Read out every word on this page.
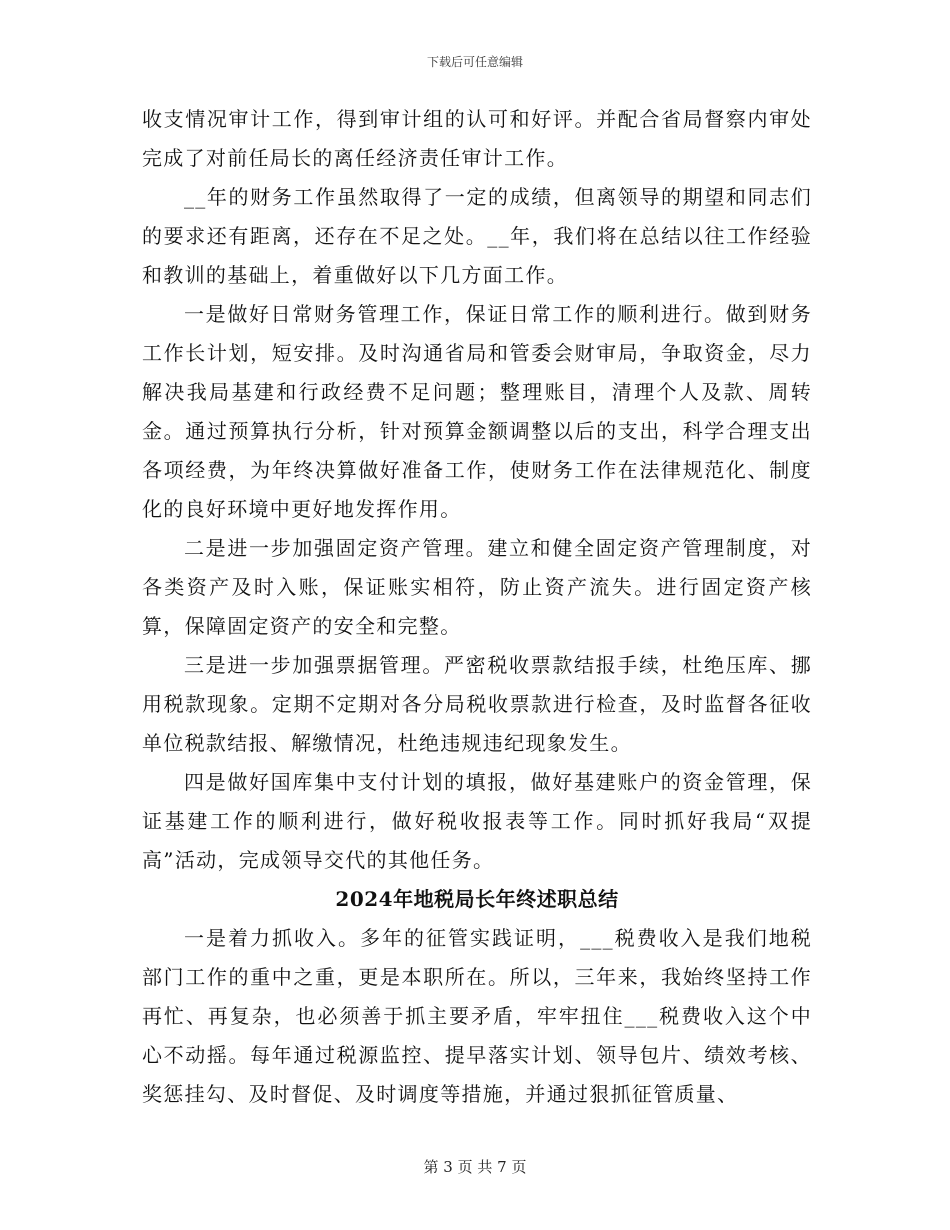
下载后可任意编辑

收支情况审计工作，得到审计组的认可和好评。并配合省局督察内审处完成了对前任局长的离任经济责任审计工作。

__年的财务工作虽然取得了一定的成绩，但离领导的期望和同志们的要求还有距离，还存在不足之处。__年，我们将在总结以往工作经验和教训的基础上，着重做好以下几方面工作。

一是做好日常财务管理工作，保证日常工作的顺利进行。做到财务工作长计划，短安排。及时沟通省局和管委会财审局，争取资金，尽力解决我局基建和行政经费不足问题；整理账目，清理个人及款、周转金。通过预算执行分析，针对预算金额调整以后的支出，科学合理支出各项经费，为年终决算做好准备工作，使财务工作在法律规范化、制度化的良好环境中更好地发挥作用。

二是进一步加强固定资产管理。建立和健全固定资产管理制度，对各类资产及时入账，保证账实相符，防止资产流失。进行固定资产核算，保障固定资产的安全和完整。

三是进一步加强票据管理。严密税收票款结报手续，杜绝压库、挪用税款现象。定期不定期对各分局税收票款进行检查，及时监督各征收单位税款结报、解缴情况，杜绝违规违纪现象发生。

四是做好国库集中支付计划的填报，做好基建账户的资金管理，保证基建工作的顺利进行，做好税收报表等工作。同时抓好我局“双提高”活动，完成领导交代的其他任务。

2024年地税局长年终述职总结

一是着力抓收入。多年的征管实践证明，___税费收入是我们地税部门工作的重中之重，更是本职所在。所以，三年来，我始终坚持工作再忙、再复杂，也必须善于抓主要矛盾，牢牢扭住___税费收入这个中心不动摇。每年通过税源监控、提早落实计划、领导包片、绩效考核、奖惩挂勾、及时督促、及时调度等措施，并通过狠抓征管质量、

第 3 页 共 7 页
